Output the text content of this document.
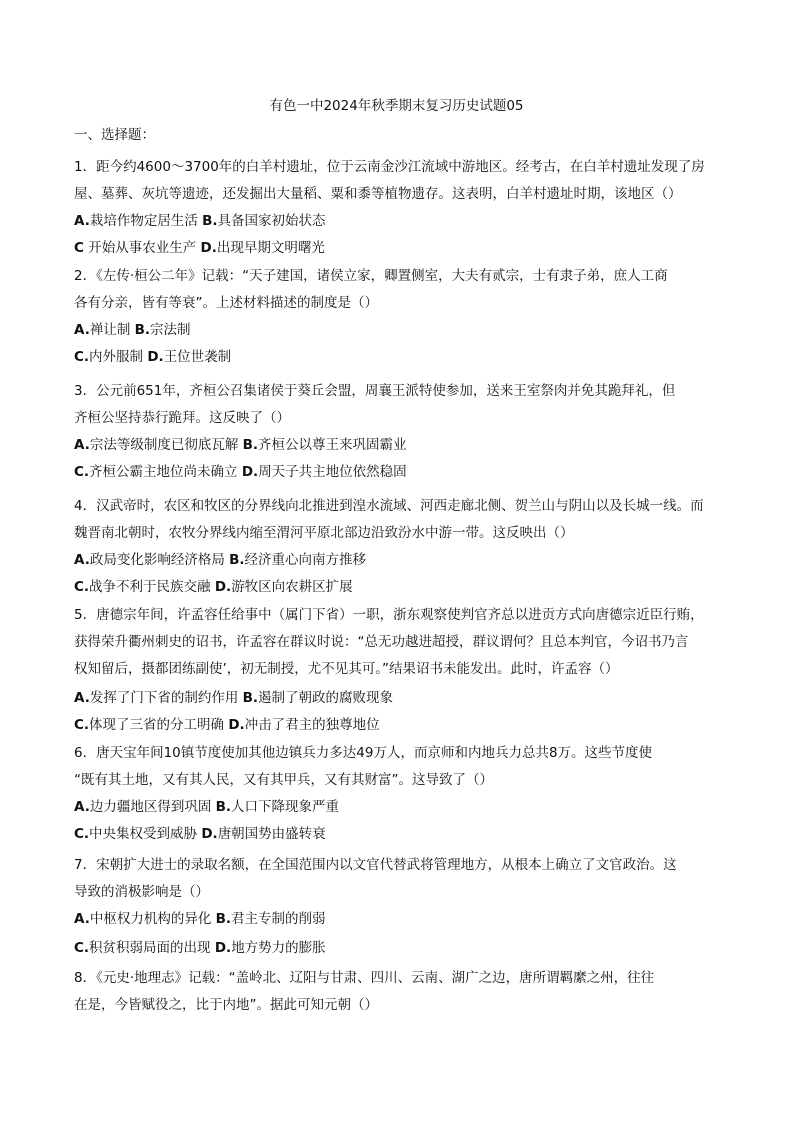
有色一中2024年秋季期末复习历史试题05
一、选择题：
1．距今约4600～3700年的白羊村遗址，位于云南金沙江流域中游地区。经考古，在白羊村遗址发现了房
屋、墓葬、灰坑等遗迹，还发掘出大量稻、粟和黍等植物遗存。这表明，白羊村遗址时期，该地区（）
A.栽培作物定居生活 B.具备国家初始状态
C 开始从事农业生产 D.出现早期文明曙光
2．《左传·桓公二年》记载：“天子建国，诸侯立家，卿置侧室，大夫有贰宗，士有隶子弟，庶人工商
各有分亲，皆有等衰”。上述材料描述的制度是（）
A.禅让制 B.宗法制
C.内外服制 D.王位世袭制
3．公元前651年，齐桓公召集诸侯于葵丘会盟，周襄王派特使参加，送来王室祭肉并免其跪拜礼，但
齐桓公坚持恭行跪拜。这反映了（）
A.宗法等级制度已彻底瓦解 B.齐桓公以尊王来巩固霸业
C.齐桓公霸主地位尚未确立 D.周天子共主地位依然稳固
4．汉武帝时，农区和牧区的分界线向北推进到湟水流域、河西走廊北侧、贺兰山与阴山以及长城一线。而
魏晋南北朝时，农牧分界线内缩至渭河平原北部边沿致汾水中游一带。这反映出（）
A.政局变化影响经济格局 B.经济重心向南方推移
C.战争不利于民族交融 D.游牧区向农耕区扩展
5．唐德宗年间，许孟容任给事中（属门下省）一职，浙东观察使判官齐总以进贡方式向唐德宗近臣行贿，
获得荣升衢州刺史的诏书，许孟容在群议时说：“总无功越进超授，群议谓何？且总本判官，今诏书乃言
权知留后，摄都团练副使’，初无制授，尤不见其可。”结果诏书未能发出。此时，许孟容（）
A.发挥了门下省的制约作用 B.遏制了朝政的腐败现象
C.体现了三省的分工明确 D.冲击了君主的独尊地位
6．唐天宝年间10镇节度使加其他边镇兵力多达49万人，而京师和内地兵力总共8万。这些节度使
“既有其土地，又有其人民，又有其甲兵，又有其财富”。这导致了（）
A.边力疆地区得到巩固 B.人口下降现象严重
C.中央集权受到威胁 D.唐朝国势由盛转衰
7．宋朝扩大进士的录取名额，在全国范围内以文官代替武将管理地方，从根本上确立了文官政治。这
导致的消极影响是（）
A.中枢权力机构的异化 B.君主专制的削弱
C.积贫积弱局面的出现 D.地方势力的膨胀
8．《元史·地理志》记载：“盖岭北、辽阳与甘肃、四川、云南、湖广之边，唐所谓羁縻之州，往往
在是，今皆赋役之，比于内地”。据此可知元朝（）
